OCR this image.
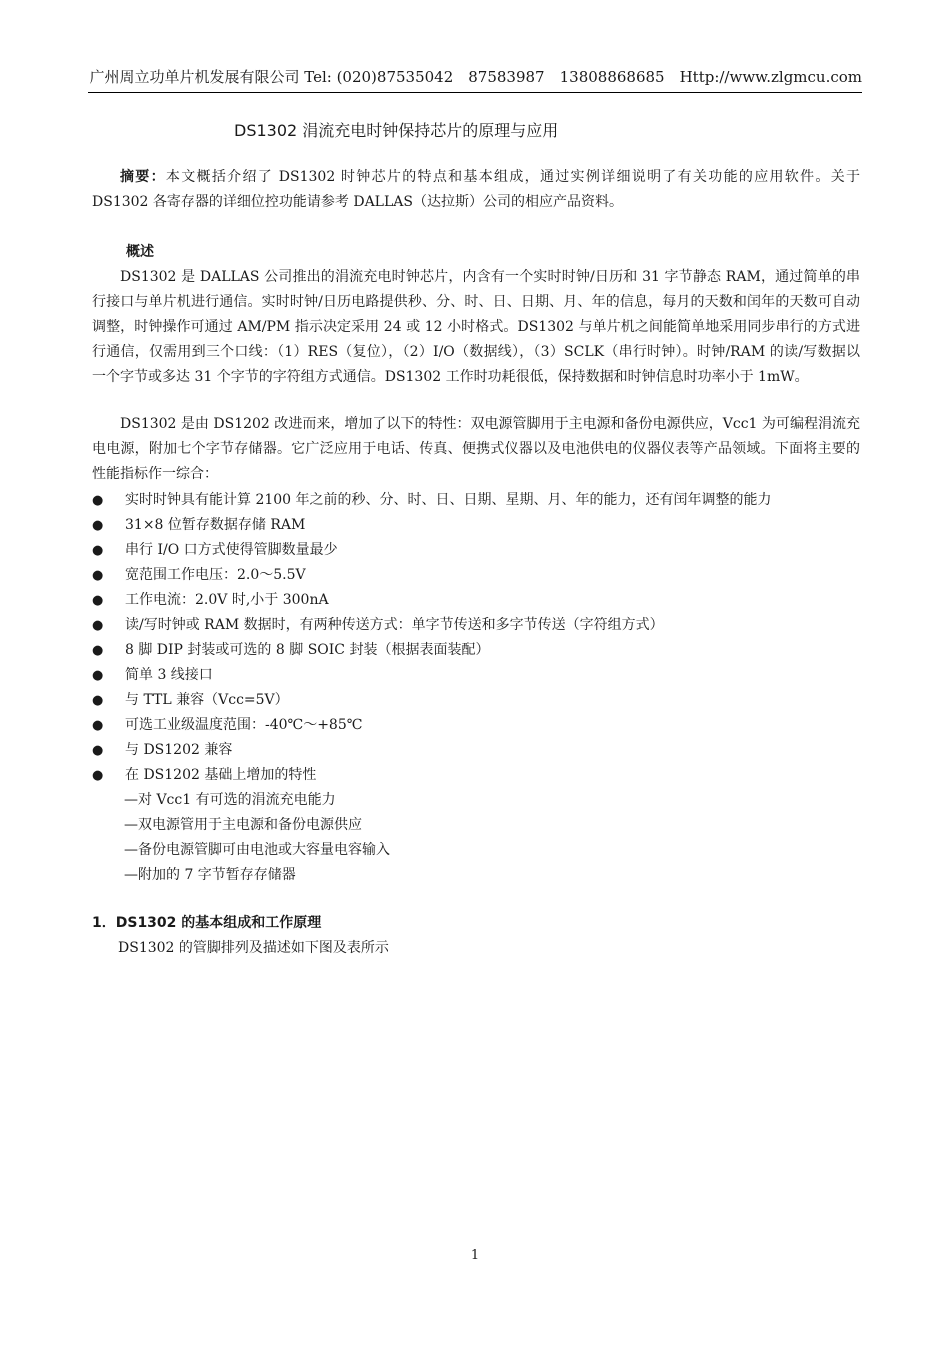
广州周立功单片机发展有限公司 Tel: (020)87535042　87583987　13808868685　Http://www.zlgmcu.com
DS1302 涓流充电时钟保持芯片的原理与应用

摘要：本文概括介绍了 DS1302 时钟芯片的特点和基本组成，通过实例详细说明了有关功能的应用软件。关于 DS1302 各寄存器的详细位控功能请参考 DALLAS（达拉斯）公司的相应产品资料。

概述

DS1302 是 DALLAS 公司推出的涓流充电时钟芯片，内含有一个实时时钟/日历和 31 字节静态 RAM，通过简单的串行接口与单片机进行通信。实时时钟/日历电路提供秒、分、时、日、日期、月、年的信息，每月的天数和闰年的天数可自动调整，时钟操作可通过 AM/PM 指示决定采用 24 或 12 小时格式。DS1302 与单片机之间能简单地采用同步串行的方式进行通信，仅需用到三个口线：（1）RES（复位），（2）I/O（数据线），（3）SCLK（串行时钟）。时钟/RAM 的读/写数据以一个字节或多达 31 个字节的字符组方式通信。DS1302 工作时功耗很低，保持数据和时钟信息时功率小于 1mW。

DS1302 是由 DS1202 改进而来，增加了以下的特性：双电源管脚用于主电源和备份电源供应，Vcc1 为可编程涓流充电电源，附加七个字节存储器。它广泛应用于电话、传真、便携式仪器以及电池供电的仪器仪表等产品领域。下面将主要的性能指标作一综合：

● 实时时钟具有能计算 2100 年之前的秒、分、时、日、日期、星期、月、年的能力，还有闰年调整的能力
● 31×8 位暂存数据存储 RAM
● 串行 I/O 口方式使得管脚数量最少
● 宽范围工作电压：2.0～5.5V
● 工作电流：2.0V 时,小于 300nA
● 读/写时钟或 RAM 数据时，有两种传送方式：单字节传送和多字节传送（字符组方式）
● 8 脚 DIP 封装或可选的 8 脚 SOIC 封装（根据表面装配）
● 简单 3 线接口
● 与 TTL 兼容（Vcc=5V）
● 可选工业级温度范围：-40℃～+85℃
● 与 DS1202 兼容
● 在 DS1202 基础上增加的特性
—对 Vcc1 有可选的涓流充电能力
—双电源管用于主电源和备份电源供应
—备份电源管脚可由电池或大容量电容输入
—附加的 7 字节暂存存储器
1．DS1302 的基本组成和工作原理
DS1302 的管脚排列及描述如下图及表所示
1
